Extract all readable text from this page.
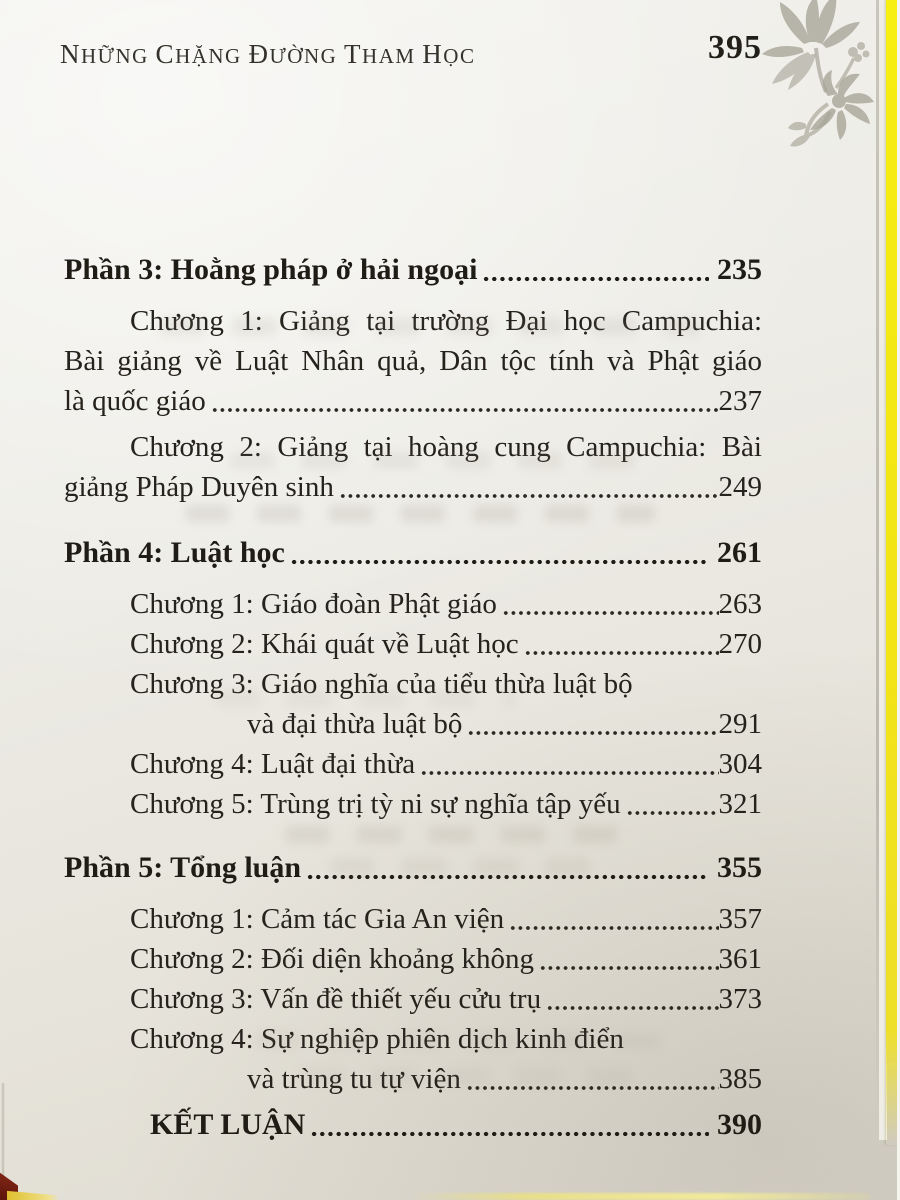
NHỮNG CHẶNG ĐƯỜNG THAM HỌC	395
Phần 3: Hoằng pháp ở hải ngoại	235
Chương 1: Giảng tại trường Đại học Campuchia:
Bài giảng về Luật Nhân quả, Dân tộc tính và Phật giáo
là quốc giáo	237
Chương 2: Giảng tại hoàng cung Campuchia: Bài
giảng Pháp Duyên sinh	249
Phần 4: Luật học	261
Chương 1: Giáo đoàn Phật giáo	263
Chương 2: Khái quát về Luật học	270
Chương 3: Giáo nghĩa của tiểu thừa luật bộ
và đại thừa luật bộ	291
Chương 4: Luật đại thừa	304
Chương 5: Trùng trị tỳ ni sự nghĩa tập yếu	321
Phần 5: Tổng luận	355
Chương 1: Cảm tác Gia An viện	357
Chương 2: Đối diện khoảng không	361
Chương 3: Vấn đề thiết yếu cửu trụ	373
Chương 4: Sự nghiệp phiên dịch kinh điển
và trùng tu tự viện	385
KẾT LUẬN	390
